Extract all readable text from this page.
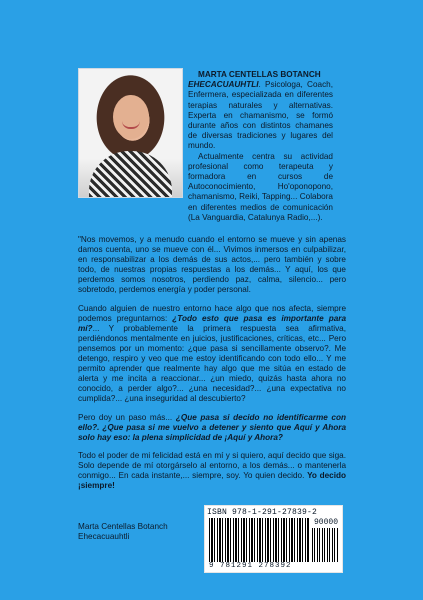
MARTA CENTELLAS BOTANCH
EHECACUAUHTLI. Psicologa, Coach, Enfermera, especializada en diferentes terapias naturales y alternativas. Experta en chamanismo, se formó durante años con distintos chamanes de diversas tradiciones y lugares del mundo.

Actualmente centra su actividad profesional como terapeuta y formadora en cursos de Autoconocimiento, Ho'oponopono, chamanismo, Reiki, Tapping... Colabora en diferentes medios de comunicación (La Vanguardia, Catalunya Radio,...).

"Nos movemos, y a menudo cuando el entorno se mueve y sin apenas damos cuenta, uno se mueve con él... Vivimos inmersos en culpabilizar, en responsabilizar a los demás de sus actos,... pero también y sobre todo, de nuestras propias respuestas a los demás... Y aquí, los que perdemos somos nosotros, perdiendo paz, calma, silencio... pero sobretodo, perdemos energía y poder personal.

Cuando alguien de nuestro entorno hace algo que nos afecta, siempre podemos preguntarnos: ¿Todo esto que pasa es importante para mí?... Y probablemente la primera respuesta sea afirmativa, perdiéndonos mentalmente en juicios, justificaciones, críticas, etc... Pero pensemos por un momento: ¿que pasa si sencillamente observo?. Me detengo, respiro y veo que me estoy identificando con todo ello... Y me permito aprender que realmente hay algo que me sitúa en estado de alerta y me incita a reaccionar... ¿un miedo, quizás hasta ahora no conocido, a perder algo?... ¿una necesidad?... ¿una expectativa no cumplida?... ¿una inseguridad al descubierto?

Pero doy un paso más... ¿Que pasa si decido no identificarme con ello?. ¿Que pasa si me vuelvo a detener y siento que Aquí y Ahora solo hay eso: la plena simplicidad de ¡Aquí y Ahora?

Todo el poder de mi felicidad está en mí y si quiero, aquí decido que siga. Solo depende de mí otorgárselo al entorno, a los demás... o mantenerla conmigo... En cada instante,... siempre, soy. Yo quien decido. Yo decido ¡siempre!

Marta Centellas Botanch
Ehecacuauhtli
ISBN 978-1-291-27839-2
90000
9 781291 278392
